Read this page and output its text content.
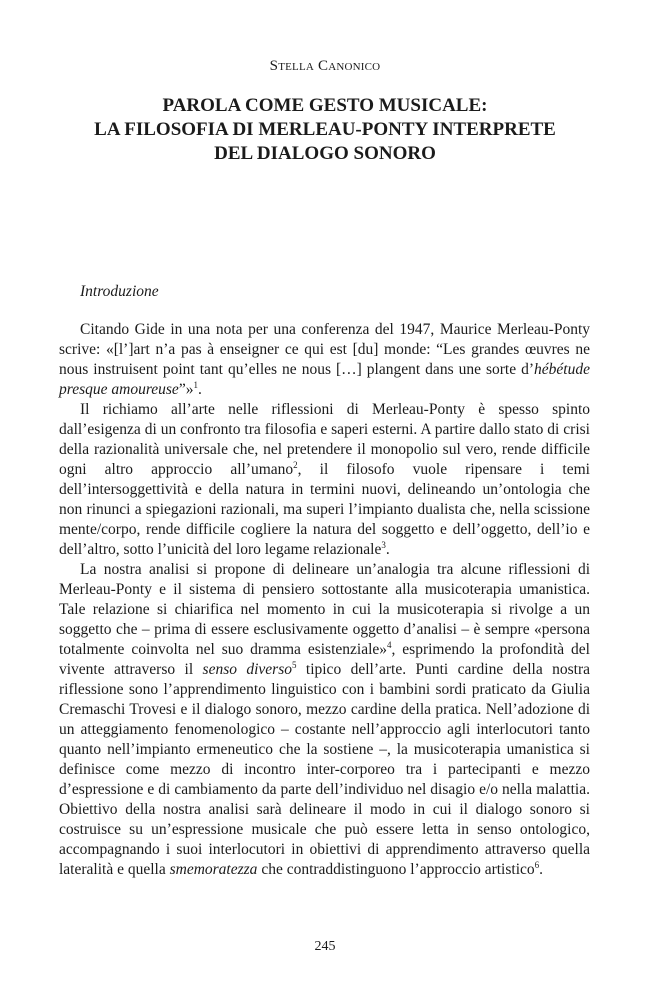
Stella Canonico
PAROLA COME GESTO MUSICALE:
LA FILOSOFIA DI MERLEAU-PONTY INTERPRETE
DEL DIALOGO SONORO
Introduzione

Citando Gide in una nota per una conferenza del 1947, Maurice Merleau-Ponty scrive: «[l’]art n’a pas à enseigner ce qui est [du] monde: “Les grandes œuvres ne nous instruisent point tant qu’elles ne nous […] plangent dans une sorte d’hébétude presque amoureuse”»$^1$.

Il richiamo all’arte nelle riflessioni di Merleau-Ponty è spesso spinto dall’esigenza di un confronto tra filosofia e saperi esterni. A partire dallo stato di crisi della razionalità universale che, nel pretendere il monopolio sul vero, rende difficile ogni altro approccio all’umano$^2$, il filosofo vuole ripensare i temi dell’intersoggettività e della natura in termini nuovi, delineando un’ontologia che non rinunci a spiegazioni razionali, ma superi l’impianto dualista che, nella scissione mente/corpo, rende difficile cogliere la natura del soggetto e dell’oggetto, dell’io e dell’altro, sotto l’unicità del loro legame relazionale$^3$.

La nostra analisi si propone di delineare un’analogia tra alcune riflessioni di Merleau-Ponty e il sistema di pensiero sottostante alla musicoterapia umanistica. Tale relazione si chiarifica nel momento in cui la musicoterapia si rivolge a un soggetto che – prima di essere esclusivamente oggetto d’analisi – è sempre «persona totalmente coinvolta nel suo dramma esistenziale»$^4$, esprimendo la profondità del vivente attraverso il senso diverso$^5$ tipico dell’arte. Punti cardine della nostra riflessione sono l’apprendimento linguistico con i bambini sordi praticato da Giulia Cremaschi Trovesi e il dialogo sonoro, mezzo cardine della pratica. Nell’adozione di un atteggiamento fenomenologico – costante nell’approccio agli interlocutori tanto quanto nell’impianto ermeneutico che la sostiene –, la musicoterapia umanistica si definisce come mezzo di incontro inter-corporeo tra i partecipanti e mezzo d’espressione e di cambiamento da parte dell’individuo nel disagio e/o nella malattia. Obiettivo della nostra analisi sarà delineare il modo in cui il dialogo sonoro si costruisce su un’espressione musicale che può essere letta in senso ontologico, accompagnando i suoi interlocutori in obiettivi di apprendimento attraverso quella lateralità e quella smemoratezza che contraddistinguono l’approccio artistico$^6$.

245
